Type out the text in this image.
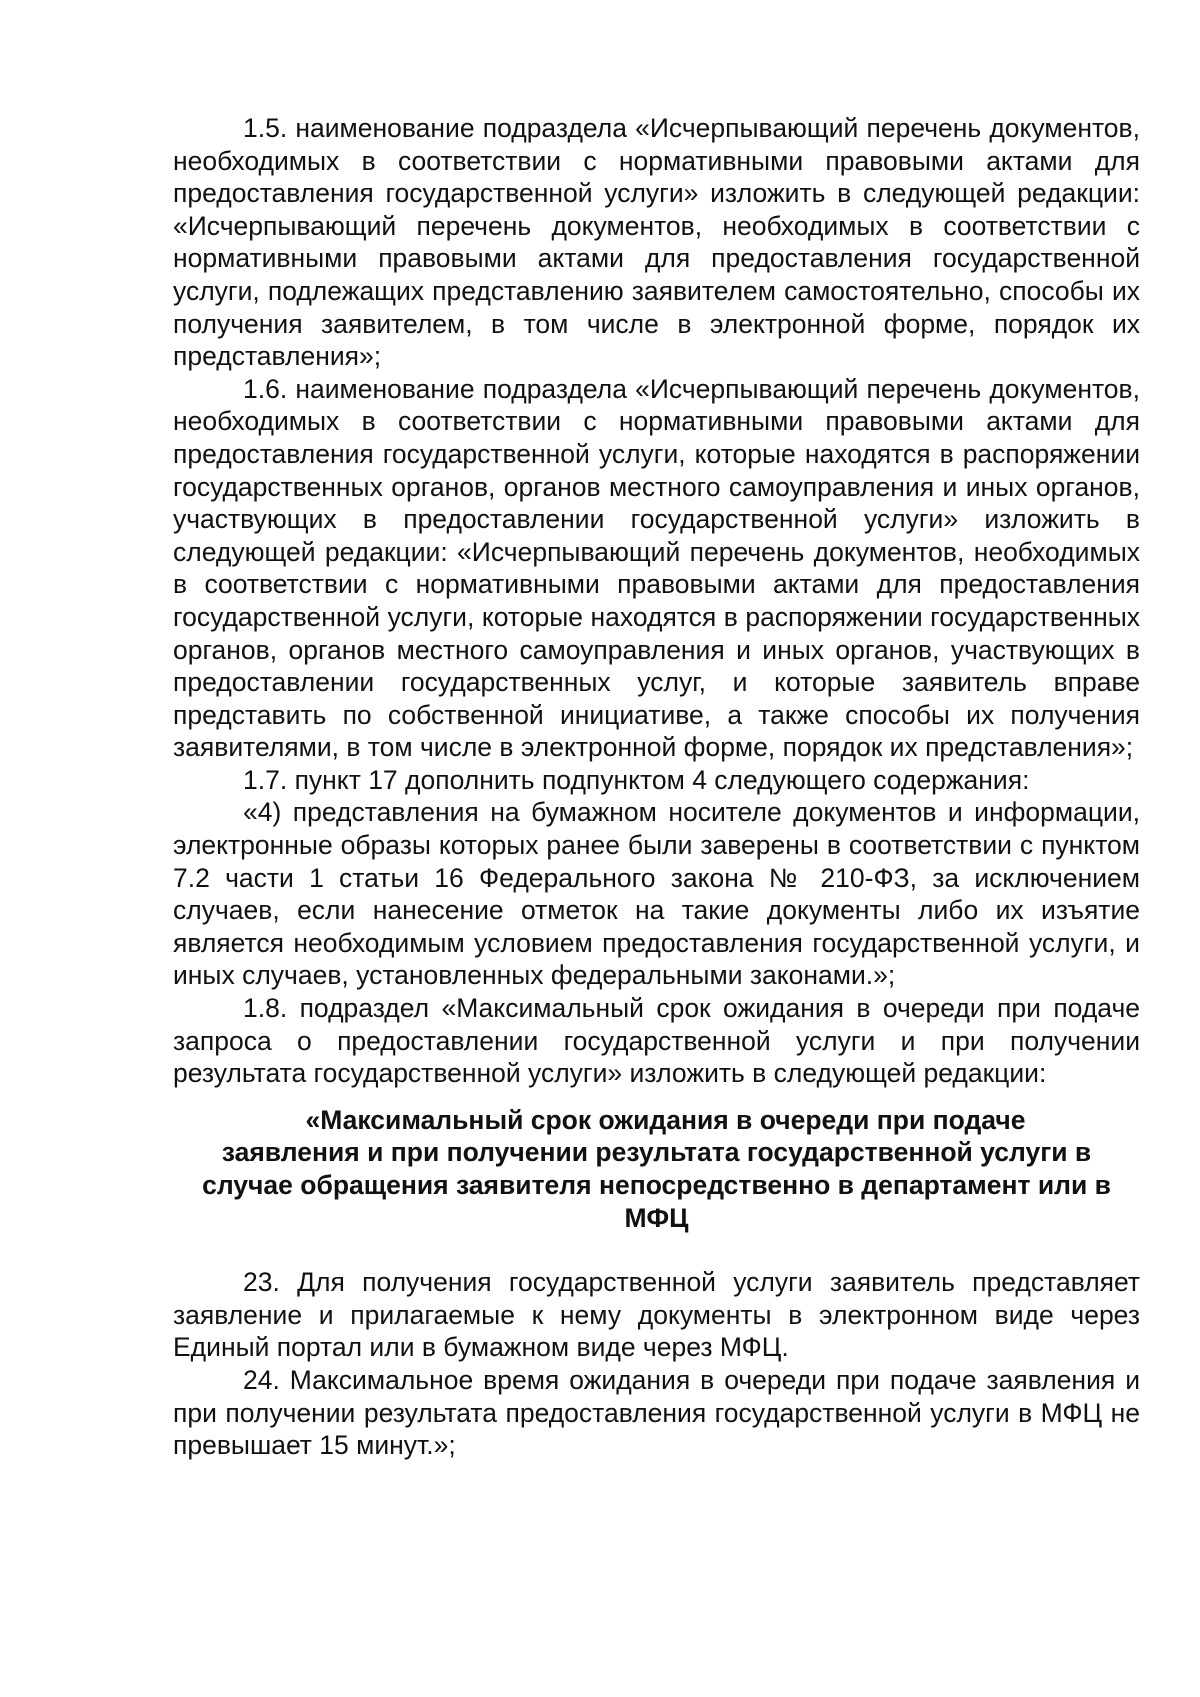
1.5. наименование подраздела «Исчерпывающий перечень документов, необходимых в соответствии с нормативными правовыми актами для предоставления государственной услуги» изложить в следующей редакции: «Исчерпывающий перечень документов, необходимых в соответствии с нормативными правовыми актами для предоставления государственной услуги, подлежащих представлению заявителем самостоятельно, способы их получения заявителем, в том числе в электронной форме, порядок их представления»;

1.6. наименование подраздела «Исчерпывающий перечень документов, необходимых в соответствии с нормативными правовыми актами для предоставления государственной услуги, которые находятся в распоряжении государственных органов, органов местного самоуправления и иных органов, участвующих в предоставлении государственной услуги» изложить в следующей редакции: «Исчерпывающий перечень документов, необходимых в соответствии с нормативными правовыми актами для предоставления государственной услуги, которые находятся в распоряжении государственных органов, органов местного самоуправления и иных органов, участвующих в предоставлении государственных услуг, и которые заявитель вправе представить по собственной инициативе, а также способы их получения заявителями, в том числе в электронной форме, порядок их представления»;

1.7. пункт 17 дополнить подпунктом 4 следующего содержания:

«4) представления на бумажном носителе документов и информации, электронные образы которых ранее были заверены в соответствии с пунктом 7.2 части 1 статьи 16 Федерального закона № 210-ФЗ, за исключением случаев, если нанесение отметок на такие документы либо их изъятие является необходимым условием предоставления государственной услуги, и иных случаев, установленных федеральными законами.»;

1.8. подраздел «Максимальный срок ожидания в очереди при подаче запроса о предоставлении государственной услуги и при получении результата государственной услуги» изложить в следующей редакции:

«Максимальный срок ожидания в очереди при подаче
заявления и при получении результата государственной услуги в
случае обращения заявителя непосредственно в департамент или в
МФЦ

23. Для получения государственной услуги заявитель представляет заявление и прилагаемые к нему документы в электронном виде через Единый портал или в бумажном виде через МФЦ.

24. Максимальное время ожидания в очереди при подаче заявления и при получении результата предоставления государственной услуги в МФЦ не превышает 15 минут.»;
